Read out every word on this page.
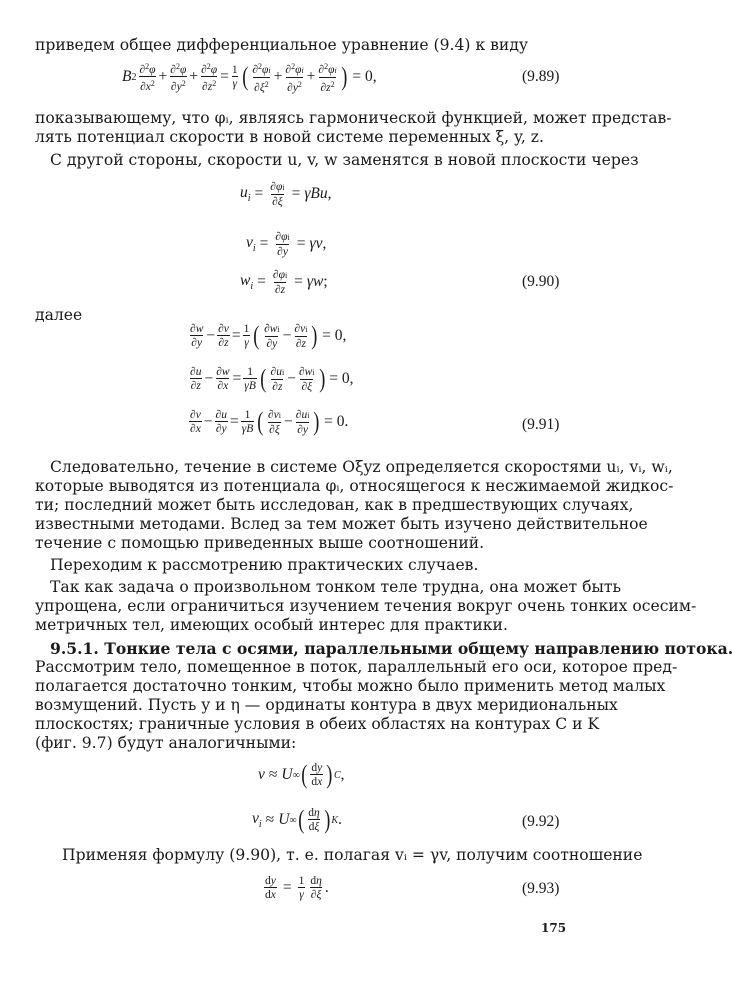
приведем общее дифференциальное уравнение (9.4) к виду
B $2 \frac{\partial^2\varphi}{\partial x^2} + \frac{\partial^2\varphi}{\partial y^2} + \frac{\partial^2\varphi}{\partial z^2} = \frac{1}{\gamma}$ ( $\frac{\partial^2\varphi i}{\partial\xi^2} + \frac{\partial^2\varphi i}{\partial y^2} + \frac{\partial^2\varphi i}{\partial z^2}$ ) = 0,	(9.89)
показывающему, что φᵢ, являясь гармонической функцией, может представ-
лять потенциал скорости в новой системе переменных ξ, y, z.
С другой стороны, скорости u, v, w заменятся в новой плоскости через
$u_i = \frac{\partial\varphi i}{\partial\xi} = \gamma Bu$ ,
$v_i = \frac{\partial\varphi i}{\partial y} = \gamma v$ ,
$w_i = \frac{\partial\varphi i}{\partial z} = \gamma w$ ;	(9.90)
далее
$\frac{\partial w}{\partial y} - \frac{\partial v}{\partial z} = \frac{1}{\gamma}$ ( $\frac{\partial wi}{\partial y} - \frac{\partial vi}{\partial z}$ ) = 0,
$\frac{\partial u}{\partial z} - \frac{\partial w}{\partial x} = \frac{1}{\gamma B}$ ( $\frac{\partial ui}{\partial z} - \frac{\partial wi}{\partial\xi}$ ) = 0,
$\frac{\partial v}{\partial x} - \frac{\partial u}{\partial y} = \frac{1}{\gamma B}$ ( $\frac{\partial vi}{\partial\xi} - \frac{\partial ui}{\partial y}$ ) = 0.	(9.91)
Следовательно, течение в системе Oξyz определяется скоростями uᵢ, vᵢ, wᵢ,
которые выводятся из потенциала φᵢ, относящегося к несжимаемой жидкос-
ти; последний может быть исследован, как в предшествующих случаях,
известными методами. Вслед за тем может быть изучено действительное
течение с помощью приведенных выше соотношений.
Переходим к рассмотрению практических случаев.
Так как задача о произвольном тонком теле трудна, она может быть
упрощена, если ограничиться изучением течения вокруг очень тонких осесим-
метричных тел, имеющих особый интерес для практики.
9.5.1. Тонкие тела с осями, параллельными общему направлению потока.
Рассмотрим тело, помещенное в поток, параллельный его оси, которое пред-
полагается достаточно тонким, чтобы можно было применить метод малых
возмущений. Пусть y и η — ординаты контура в двух меридиональных
плоскостях; граничные условия в обеих областях на контурах C и K
(фиг. 9.7) будут аналогичными:
v ≈ U ∞ ( $\frac{dy}{dx}$ ) C ,
$v_i \approx U$ ∞ ( $\frac{d\eta}{d\xi}$ ) K .	(9.92)
Применяя формулу (9.90), т. е. полагая vᵢ = γv, получим соотношение
$\frac{dy}{dx} = \frac{1}{\gamma} \frac{d\eta}{\partial\xi}$ .	(9.93)
175
